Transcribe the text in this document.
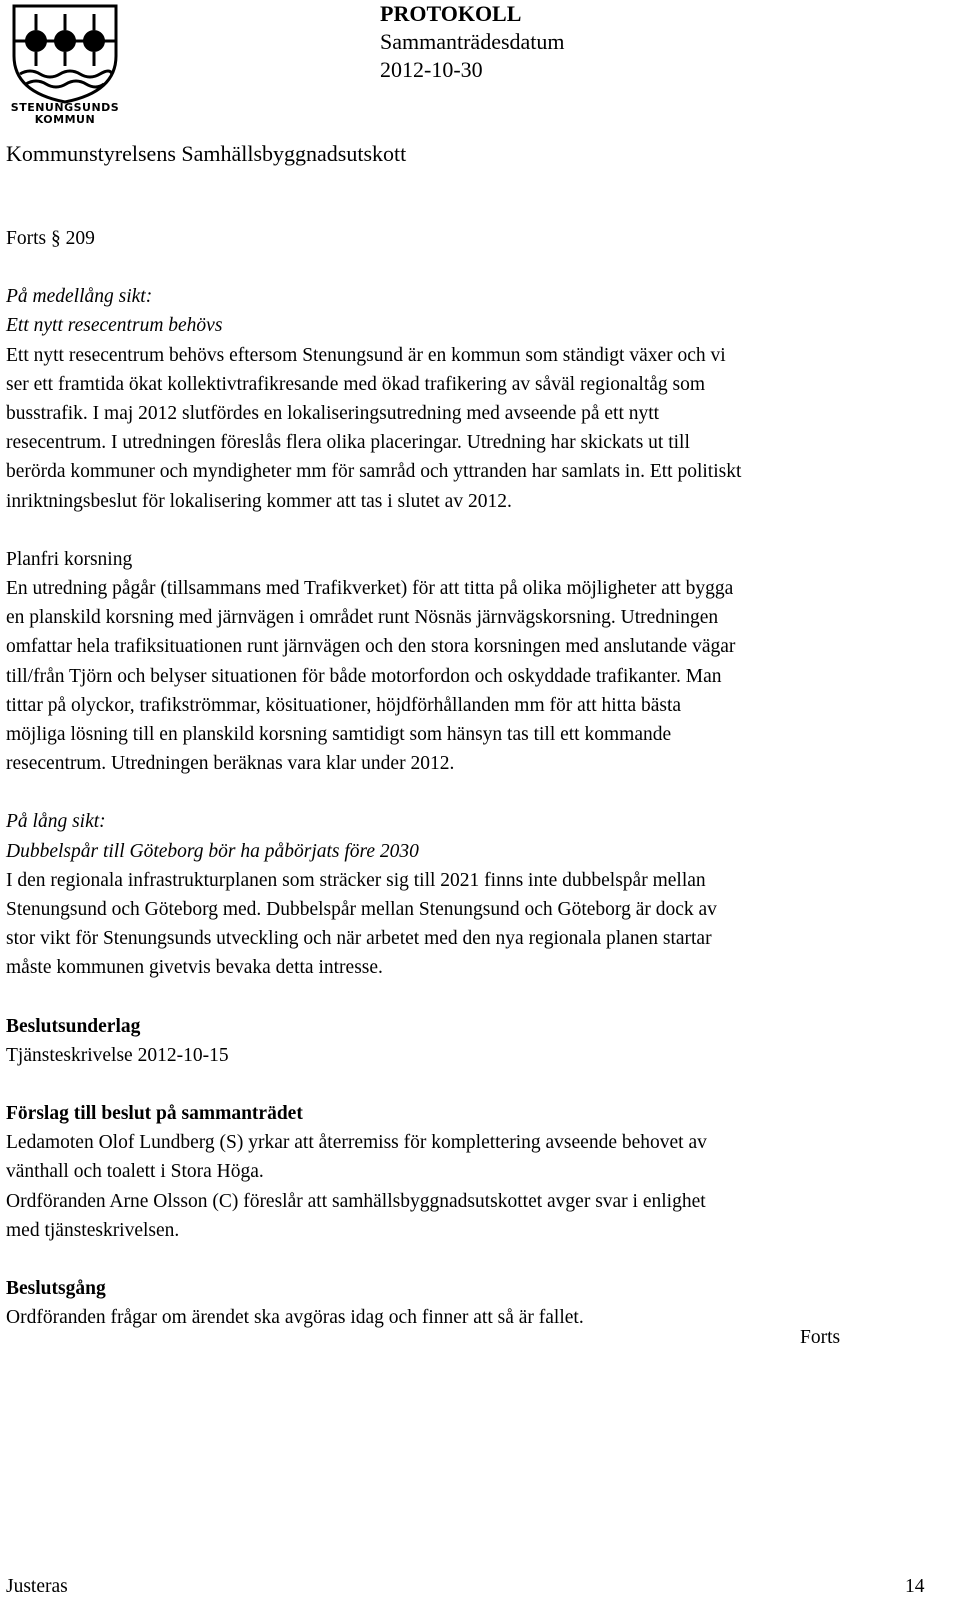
STENUNGSUNDS
KOMMUN
PROTOKOLL
Sammanträdesdatum
2012-10-30
Kommunstyrelsens Samhällsbyggnadsutskott

Forts § 209

På medellång sikt:

Ett nytt resecentrum behövs

Ett nytt resecentrum behövs eftersom Stenungsund är en kommun som ständigt växer och vi

ser ett framtida ökat kollektivtrafikresande med ökad trafikering av såväl regionaltåg som

busstrafik. I maj 2012 slutfördes en lokaliseringsutredning med avseende på ett nytt

resecentrum. I utredningen föreslås flera olika placeringar. Utredning har skickats ut till

berörda kommuner och myndigheter mm för samråd och yttranden har samlats in. Ett politiskt

inriktningsbeslut för lokalisering kommer att tas i slutet av 2012.

Planfri korsning

En utredning pågår (tillsammans med Trafikverket) för att titta på olika möjligheter att bygga

en planskild korsning med järnvägen i området runt Nösnäs järnvägskorsning. Utredningen

omfattar hela trafiksituationen runt järnvägen och den stora korsningen med anslutande vägar

till/från Tjörn och belyser situationen för både motorfordon och oskyddade trafikanter. Man

tittar på olyckor, trafikströmmar, kösituationer, höjdförhållanden mm för att hitta bästa

möjliga lösning till en planskild korsning samtidigt som hänsyn tas till ett kommande

resecentrum. Utredningen beräknas vara klar under 2012.

På lång sikt:

Dubbelspår till Göteborg bör ha påbörjats före 2030

I den regionala infrastrukturplanen som sträcker sig till 2021 finns inte dubbelspår mellan

Stenungsund och Göteborg med. Dubbelspår mellan Stenungsund och Göteborg är dock av

stor vikt för Stenungsunds utveckling och när arbetet med den nya regionala planen startar

måste kommunen givetvis bevaka detta intresse.

Beslutsunderlag

Tjänsteskrivelse 2012-10-15

Förslag till beslut på sammanträdet

Ledamoten Olof Lundberg (S) yrkar att återremiss för komplettering avseende behovet av

vänthall och toalett i Stora Höga.

Ordföranden Arne Olsson (C) föreslår att samhällsbyggnadsutskottet avger svar i enlighet

med tjänsteskrivelsen.

Beslutsgång

Ordföranden frågar om ärendet ska avgöras idag och finner att så är fallet.

Forts
Justeras	14
